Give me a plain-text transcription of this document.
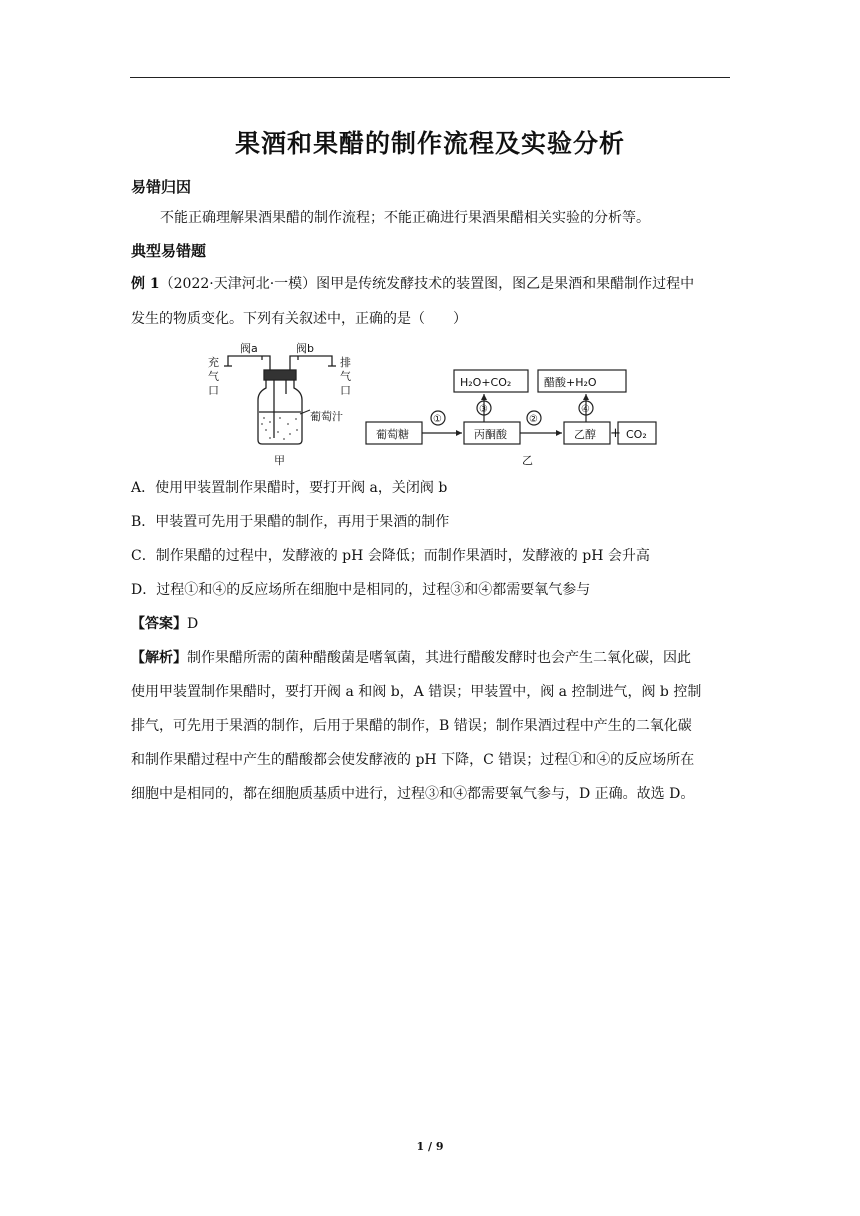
果酒和果醋的制作流程及实验分析
易错归因
不能正确理解果酒果醋的制作流程；不能正确进行果酒果醋相关实验的分析等。
典型易错题
例 1（2022·天津河北·一模）图甲是传统发酵技术的装置图，图乙是果酒和果醋制作过程中
发生的物质变化。下列有关叙述中，正确的是（　　）
阀a	阀b
充
气
口
排
气
口
葡萄汁
甲
H₂O+CO₂	醋酸+H₂O
葡萄糖	丙酮酸	乙醇	CO₂
+
①	②
③	④
乙
A．使用甲装置制作果醋时，要打开阀 a，关闭阀 b
B．甲装置可先用于果醋的制作，再用于果酒的制作
C．制作果醋的过程中，发酵液的 pH 会降低；而制作果酒时，发酵液的 pH 会升高
D．过程①和④的反应场所在细胞中是相同的，过程③和④都需要氧气参与
【答案】D
【解析】制作果醋所需的菌种醋酸菌是嗜氧菌，其进行醋酸发酵时也会产生二氧化碳，因此
使用甲装置制作果醋时，要打开阀 a 和阀 b，A 错误；甲装置中，阀 a 控制进气，阀 b 控制
排气，可先用于果酒的制作，后用于果醋的制作，B 错误；制作果酒过程中产生的二氧化碳
和制作果醋过程中产生的醋酸都会使发酵液的 pH 下降，C 错误；过程①和④的反应场所在
细胞中是相同的，都在细胞质基质中进行，过程③和④都需要氧气参与，D 正确。故选 D。
1 / 9
